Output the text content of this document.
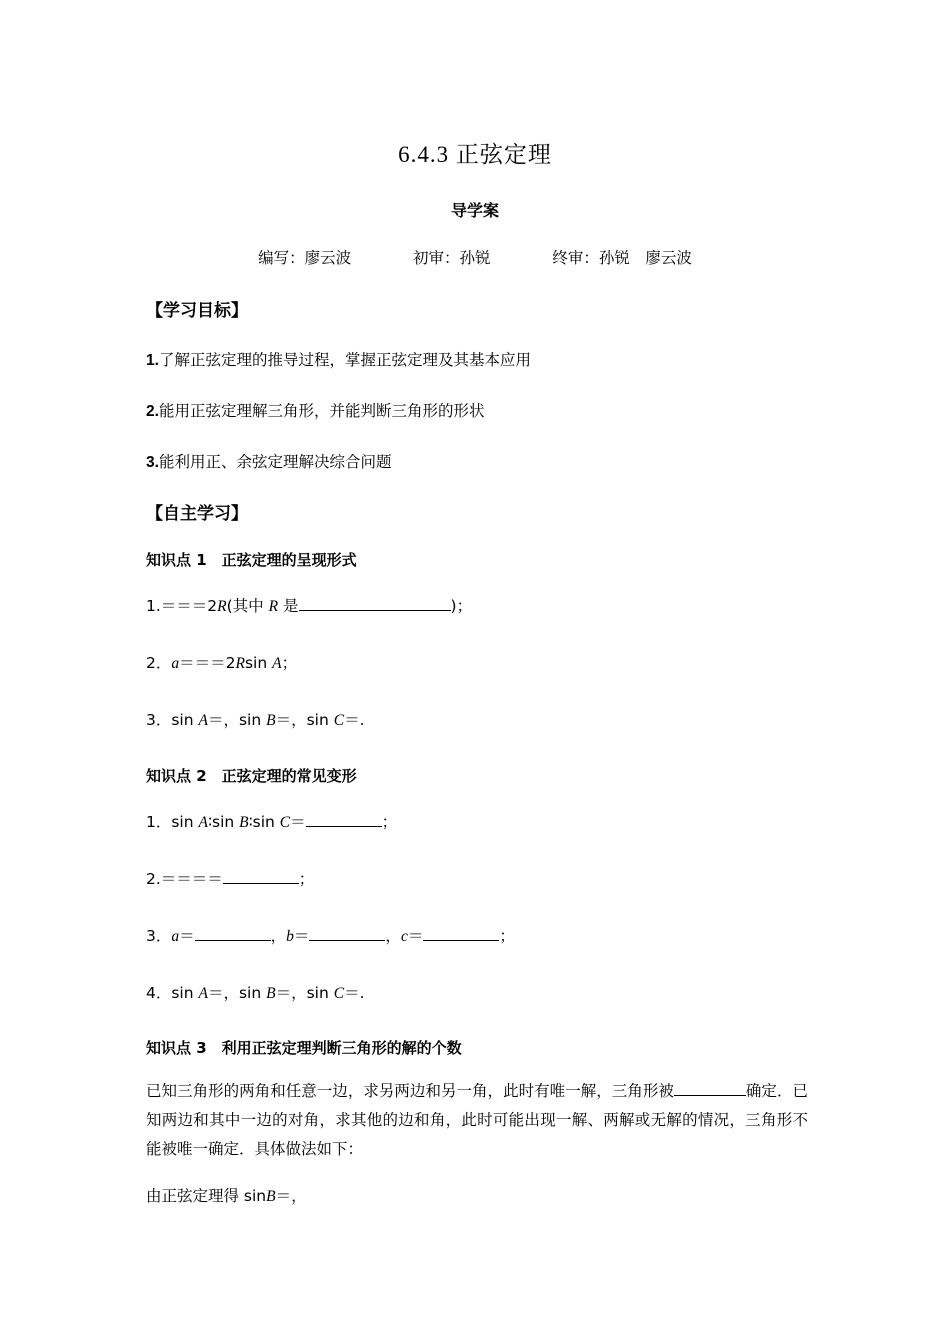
6.4.3 正弦定理
导学案
编写：廖云波	初审：孙锐	终审：孙锐　廖云波
【学习目标】
1.了解正弦定理的推导过程，掌握正弦定理及其基本应用
2.能用正弦定理解三角形，并能判断三角形的形状
3.能利用正、余弦定理解决综合问题
【自主学习】
知识点 1　正弦定理的呈现形式
1.＝＝＝2R(其中 R 是	)；
2．a＝＝＝2Rsin A；
3．sin A＝，sin B＝，sin C＝.
知识点 2　正弦定理的常见变形
1．sin A∶sin B∶sin C＝	；
2.＝＝＝＝	；
3．a＝	，b＝	，c＝	；
4．sin A＝，sin B＝，sin C＝.
知识点 3　利用正弦定理判断三角形的解的个数
已知三角形的两角和任意一边，求另两边和另一角，此时有唯一解，三角形被	确定．已知两边和其中一边的对角，求其他的边和角，此时可能出现一解、两解或无解的情况，三角形不能被唯一确定．具体做法如下：
由正弦定理得 sinB＝，
